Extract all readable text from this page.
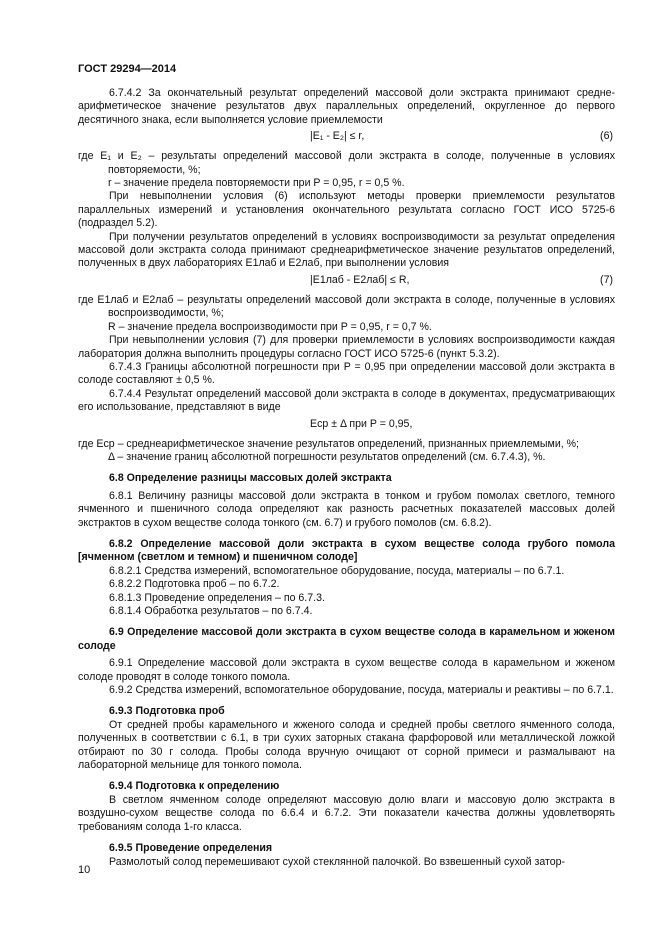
ГОСТ 29294—2014

6.7.4.2 За окончательный результат определений массовой доли экстракта принимают средне-арифметическое значение результатов двух параллельных определений, округленное до первого десятичного знака, если выполняется условие приемлемости

|E₁ - E₂| ≤ r,	(6)

где E₁ и E₂ – результаты определений массовой доли экстракта в солоде, полученные в условиях повторяемости, %;

r – значение предела повторяемости при P = 0,95, r = 0,5 %.

При невыполнении условия (6) используют методы проверки приемлемости результатов параллельных измерений и установления окончательного результата согласно ГОСТ ИСО 5725-6 (подраздел 5.2).

При получении результатов определений в условиях воспроизводимости за результат определения массовой доли экстракта солода принимают среднеарифметическое значение результатов определений, полученных в двух лабораториях E1лаб и E2лаб, при выполнении условия

|E1лаб - E2лаб| ≤ R,	(7)

где E1лаб и E2лаб – результаты определений массовой доли экстракта в солоде, полученные в условиях воспроизводимости, %;

R – значение предела воспроизводимости при P = 0,95, r = 0,7 %.

При невыполнении условия (7) для проверки приемлемости в условиях воспроизводимости каждая лаборатория должна выполнить процедуры согласно ГОСТ ИСО 5725-6 (пункт 5.3.2).

6.7.4.3 Границы абсолютной погрешности при P = 0,95 при определении массовой доли экстракта в солоде составляют ± 0,5 %.

6.7.4.4 Результат определений массовой доли экстракта в солоде в документах, предусматривающих его использование, представляют в виде

Eср ± Δ при P = 0,95,

где Eср – среднеарифметическое значение результатов определений, признанных приемлемыми, %;

Δ – значение границ абсолютной погрешности результатов определений (см. 6.7.4.3), %.

6.8 Определение разницы массовых долей экстракта

6.8.1 Величину разницы массовой доли экстракта в тонком и грубом помолах светлого, темного ячменного и пшеничного солода определяют как разность расчетных показателей массовых долей экстрактов в сухом веществе солода тонкого (см. 6.7) и грубого помолов (см. 6.8.2).

6.8.2 Определение массовой доли экстракта в сухом веществе солода грубого помола [ячменном (светлом и темном) и пшеничном солоде]

6.8.2.1 Средства измерений, вспомогательное оборудование, посуда, материалы – по 6.7.1.

6.8.2.2 Подготовка проб – по 6.7.2.

6.8.1.3 Проведение определения – по 6.7.3.

6.8.1.4 Обработка результатов – по 6.7.4.

6.9 Определение массовой доли экстракта в сухом веществе солода в карамельном и жженом солоде

6.9.1 Определение массовой доли экстракта в сухом веществе солода в карамельном и жженом солоде проводят в солоде тонкого помола.

6.9.2 Средства измерений, вспомогательное оборудование, посуда, материалы и реактивы – по 6.7.1.

6.9.3 Подготовка проб

От средней пробы карамельного и жженого солода и средней пробы светлого ячменного солода, полученных в соответствии с 6.1, в три сухих заторных стакана фарфоровой или металлической ложкой отбирают по 30 г солода. Пробы солода вручную очищают от сорной примеси и размалывают на лабораторной мельнице для тонкого помола.

6.9.4 Подготовка к определению

В светлом ячменном солоде определяют массовую долю влаги и массовую долю экстракта в воздушно-сухом веществе солода по 6.6.4 и 6.7.2. Эти показатели качества должны удовлетворять требованиям солода 1-го класса.

6.9.5 Проведение определения

Размолотый солод перемешивают сухой стеклянной палочкой. Во взвешенный сухой затор-

10
